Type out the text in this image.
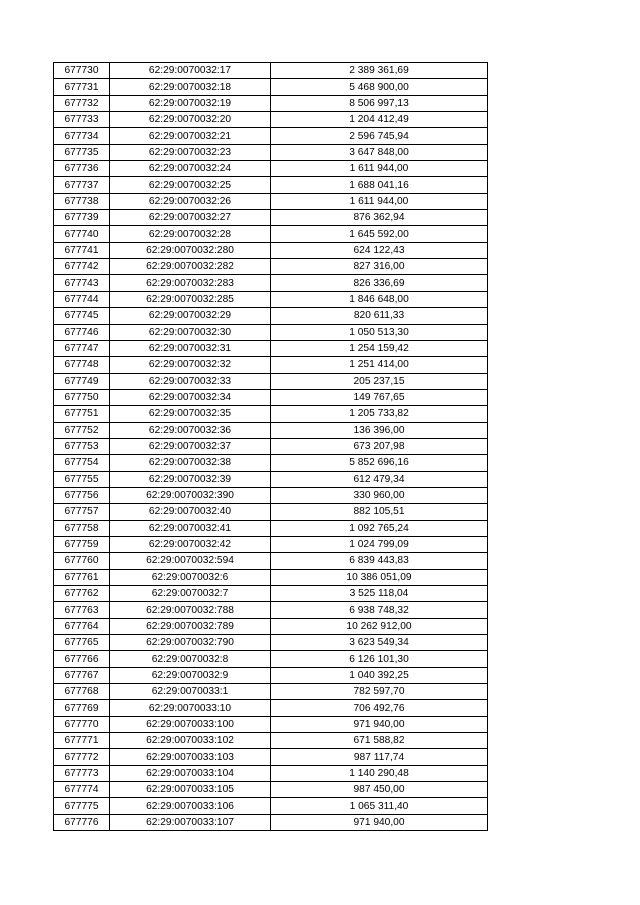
677730	62:29:0070032:17	2 389 361,69
677731	62:29:0070032:18	5 468 900,00
677732	62:29:0070032:19	8 506 997,13
677733	62:29:0070032:20	1 204 412,49
677734	62:29:0070032:21	2 596 745,94
677735	62:29:0070032:23	3 647 848,00
677736	62:29:0070032:24	1 611 944,00
677737	62:29:0070032:25	1 688 041,16
677738	62:29:0070032:26	1 611 944,00
677739	62:29:0070032:27	876 362,94
677740	62:29:0070032:28	1 645 592,00
677741	62:29:0070032:280	624 122,43
677742	62:29:0070032:282	827 316,00
677743	62:29:0070032:283	826 336,69
677744	62:29:0070032:285	1 846 648,00
677745	62:29:0070032:29	820 611,33
677746	62:29:0070032:30	1 050 513,30
677747	62:29:0070032:31	1 254 159,42
677748	62:29:0070032:32	1 251 414,00
677749	62:29:0070032:33	205 237,15
677750	62:29:0070032:34	149 767,65
677751	62:29:0070032:35	1 205 733,82
677752	62:29:0070032:36	136 396,00
677753	62:29:0070032:37	673 207,98
677754	62:29:0070032:38	5 852 696,16
677755	62:29:0070032:39	612 479,34
677756	62:29:0070032:390	330 960,00
677757	62:29:0070032:40	882 105,51
677758	62:29:0070032:41	1 092 765,24
677759	62:29:0070032:42	1 024 799,09
677760	62:29:0070032:594	6 839 443,83
677761	62:29:0070032:6	10 386 051,09
677762	62:29:0070032:7	3 525 118,04
677763	62:29:0070032:788	6 938 748,32
677764	62:29:0070032:789	10 262 912,00
677765	62:29:0070032:790	3 623 549,34
677766	62:29:0070032:8	6 126 101,30
677767	62:29:0070032:9	1 040 392,25
677768	62:29:0070033:1	782 597,70
677769	62:29:0070033:10	706 492,76
677770	62:29:0070033:100	971 940,00
677771	62:29:0070033:102	671 588,82
677772	62:29:0070033:103	987 117,74
677773	62:29:0070033:104	1 140 290,48
677774	62:29:0070033:105	987 450,00
677775	62:29:0070033:106	1 065 311,40
677776	62:29:0070033:107	971 940,00
